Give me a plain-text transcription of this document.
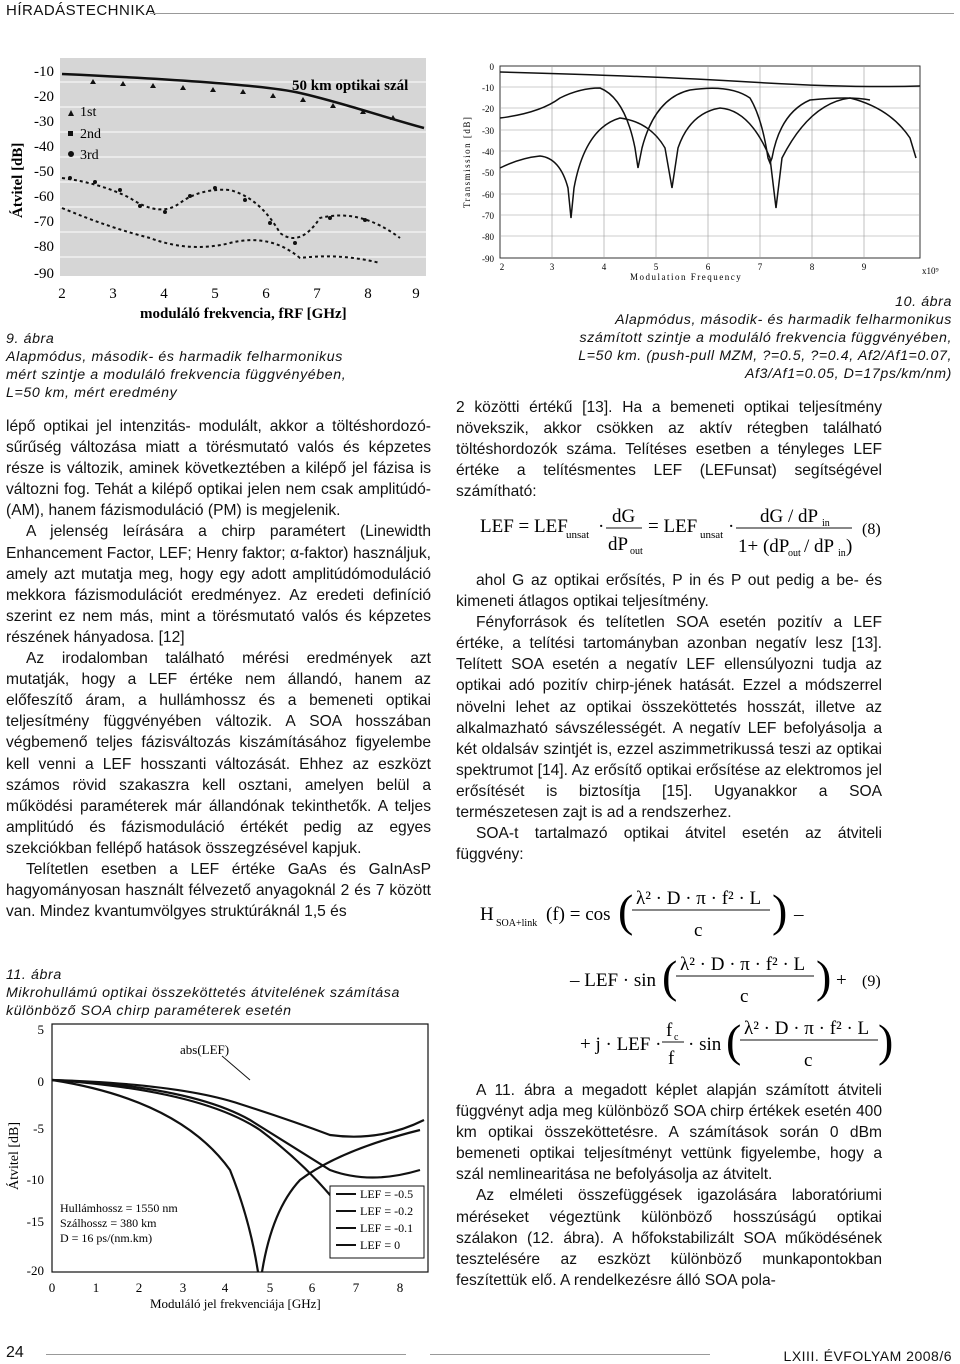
HÍRADÁSTECHNIKA
-10
-20
-30
-40
-50
-60
-70
-80
-90
2	3	4	5	6	7	8	9
Átvitel [dB]
moduláló frekvencia, fRF [GHz]
50 km optikai szál
1st
2nd
3rd
9. ábra
Alapmódus, második- és harmadik felharmonikus
mért szintje a moduláló frekvencia függvényében,
L=50 km, mért eredmény

lépő optikai jel intenzitás- modulált, akkor a töltéshordozó-sűrűség változása miatt a törésmutató valós és képzetes része is változik, aminek következtében a kilépő jel fázisa is változni fog. Tehát a kilépő optikai jelen nem csak amplitúdó- (AM), hanem fázismoduláció (PM) is megjelenik.

A jelenség leírására a chirp paramétert (Linewidth Enhancement Factor, LEF; Henry faktor; α-faktor) használjuk, amely azt mutatja meg, hogy egy adott amplitúdómoduláció mekkora fázismodulációt eredményez. Az eredeti definíció szerint ez nem más, mint a törésmutató valós és képzetes részének hányadosa. [12]

Az irodalomban található mérési eredmények azt mutatják, hogy a LEF értéke nem állandó, hanem az előfeszítő áram, a hullámhossz és a bemeneti optikai teljesítmény függvényében változik. A SOA hosszában végbemenő teljes fázisváltozás kiszámításához figyelembe kell venni a LEF hosszanti változását. Ehhez az eszközt számos rövid szakaszra kell osztani, amelyen belül a működési paraméterek már állandónak tekinthetők. A teljes amplitúdó és fázismoduláció értékét pedig az egyes szekciókban fellépő hatások összegzésével kapjuk.

Telítetlen esetben a LEF értéke GaAs és GaInAsP hagyományosan használt félvezető anyagoknál 2 és 7 között van. Mindez kvantumvölgyes struktúráknál 1,5 és

11. ábra
Mikrohullámú optikai összeköttetés átvitelének számítása
különböző SOA chirp paraméterek esetén
5
0
-5
-10
-15
-20
0	1	2	3	4	5	6	7	8
Átvitel [dB]
Moduláló jel frekvenciája [GHz]
abs(LEF)
Hullámhossz = 1550 nm
Szálhossz = 380 km
D = 16 ps/(nm.km)
LEF = -0.5
LEF = -0.2
LEF = -0.1
LEF = 0
0
-10
-20
-30
-40
-50
-60
-70
-80
-90
2	3	4	5	6	7	8	9
Transmission [dB]
Modulation Frequency
x10⁹
10. ábra
Alapmódus, második- és harmadik felharmonikus
számított szintje a moduláló frekvencia függvényében,
L=50 km. (push-pull MZM, ?=0.5, ?=0.4, Af2/Af1=0.07,
Af3/Af1=0.05, D=17ps/km/nm)

2 közötti értékű [13]. Ha a bemeneti optikai teljesítmény növekszik, akkor csökken az aktív rétegben található töltéshordozók száma. Telítéses esetben a tényleges LEF értéke a telítésmentes LEF (LEFunsat) segítségével számítható:

LEF = LEF
unsat · dG
dP out
= LEF unsat · dG / dP in
1+ (dP
out / dP in )
(8)

ahol G az optikai erősítés, P in és P out pedig a be- és kimeneti átlagos optikai teljesítmény.

Fényforrások és telítetlen SOA esetén pozitív a LEF értéke, a telítési tartományban azonban negatív lesz [13]. Telített SOA esetén a negatív LEF ellensúlyozni tudja az optikai adó pozitív chirp-jének hatását. Ezzel a módszerrel növelni lehet az optikai összeköttetés hosszát, illetve az alkalmazható sávszélességét. A negatív LEF befolyásolja a két oldalsáv szintjét is, ezzel aszimmetrikussá teszi az optikai spektrumot [14]. Az erősítő optikai erősítése az elektromos jel erősítését is biztosítja [15]. Ugyanakkor a SOA természetesen zajt is ad a rendszerhez.

SOA-t tartalmazó optikai átvitel esetén az átviteli függvény:

H SOA+link (f) = cos ( λ² · D · π · f² · L
c ) –
– LEF · sin ( λ² · D · π · f² · L
c ) +
+ j · LEF ·
f c
f
· sin ( λ² · D · π · f² · L
c )
(9)

A 11. ábra a megadott képlet alapján számított átviteli függvényt adja meg különböző SOA chirp értékek esetén 400 km optikai összeköttetésre. A számítások során 0 dBm bemeneti optikai teljesítményt vettünk figyelembe, hogy a szál nemlinearitása ne befolyásolja az átvitelt.

Az elméleti összefüggések igazolására laboratóriumi méréseket végeztünk különböző hosszúságú optikai szálakon (12. ábra). A hőfokstabilizált SOA működésének tesztelésére az eszközt különböző munkapontokban feszítettük elő. A rendelkezésre álló SOA pola-

24	LXIII. ÉVFOLYAM 2008/6
